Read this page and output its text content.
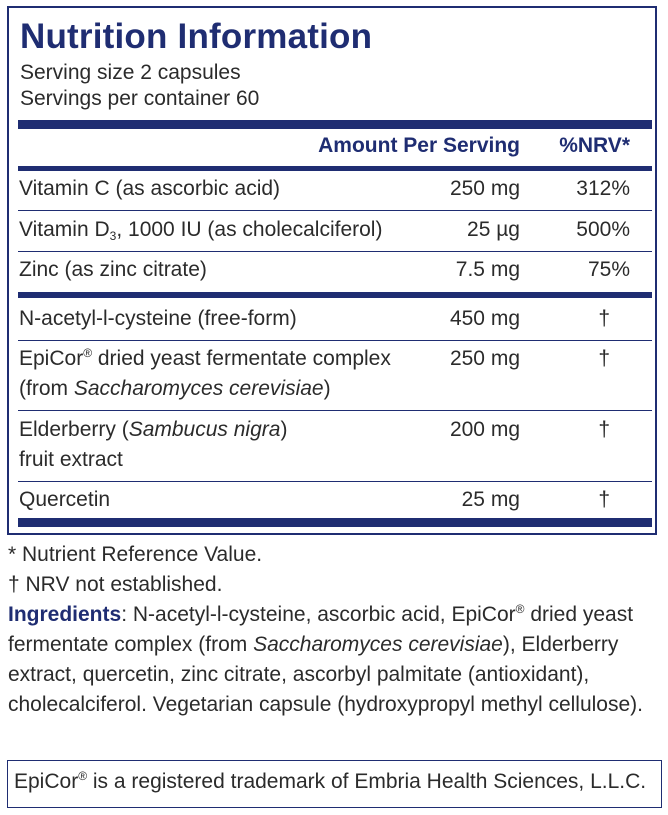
Nutrition Information
Serving size 2 capsules
Servings per container 60
Amount Per Serving %NRV*
Vitamin C (as ascorbic acid)	250 mg	312%
Vitamin $D_3$, 1000 IU (as cholecalciferol)	25 µg	500%
Zinc (as zinc citrate)	7.5 mg	75%
N-acetyl-l-cysteine (free-form)	450 mg	†
EpiCor® dried yeast fermentate complex
(from Saccharomyces cerevisiae)
250 mg	†
Elderberry (Sambucus nigra)
fruit extract
200 mg	†
Quercetin	25 mg	†

* Nutrient Reference Value.

† NRV not established.

Ingredients: N-acetyl-l-cysteine, ascorbic acid, EpiCor® dried yeast fermentate complex (from Saccharomyces cerevisiae), Elderberry extract, quercetin, zinc citrate, ascorbyl palmitate (antioxidant), cholecalciferol. Vegetarian capsule (hydroxypropyl methyl cellulose).

EpiCor® is a registered trademark of Embria Health Sciences, L.L.C.
